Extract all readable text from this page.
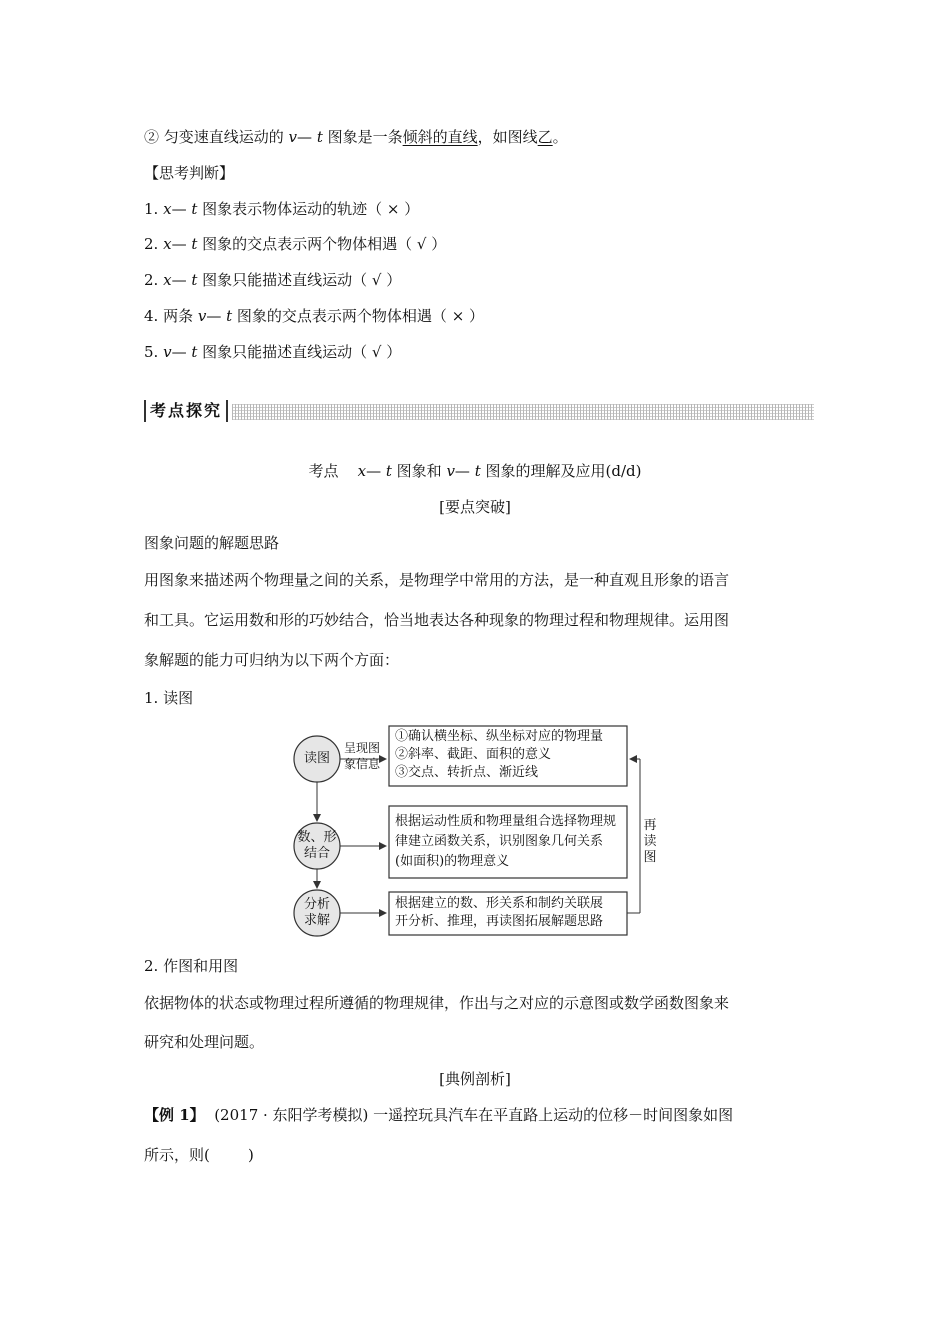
② 匀变速直线运动的 v— t 图象是一条倾斜的直线，如图线乙。
【思考判断】
1. x— t 图象表示物体运动的轨迹（ × ）
2. x— t 图象的交点表示两个物体相遇（ √ ）
2. x— t 图象只能描述直线运动（ √ ）
4. 两条 v— t 图象的交点表示两个物体相遇（ × ）
5. v— t 图象只能描述直线运动（ √ ）
考点探究
考点    x— t 图象和 v— t 图象的理解及应用(d/d)
[要点突破]
图象问题的解题思路
用图象来描述两个物理量之间的关系，是物理学中常用的方法，是一种直观且形象的语言
和工具。它运用数和形的巧妙结合，恰当地表达各种现象的物理过程和物理规律。运用图
象解题的能力可归纳为以下两个方面：
1. 读图
读图
数、形
结合
分析
求解
呈现图
象信息
①确认横坐标、纵坐标对应的物理量
②斜率、截距、面积的意义
③交点、转折点、渐近线
根据运动性质和物理量组合选择物理规
律建立函数关系，识别图象几何关系
(如面积)的物理意义
根据建立的数、形关系和制约关联展
开分析、推理，再读图拓展解题思路
再
读
图
2. 作图和用图
依据物体的状态或物理过程所遵循的物理规律，作出与之对应的示意图或数学函数图象来
研究和处理问题。
[典例剖析]
【例 1】  (2017 · 东阳学考模拟) 一遥控玩具汽车在平直路上运动的位移－时间图象如图
所示，则(        )
